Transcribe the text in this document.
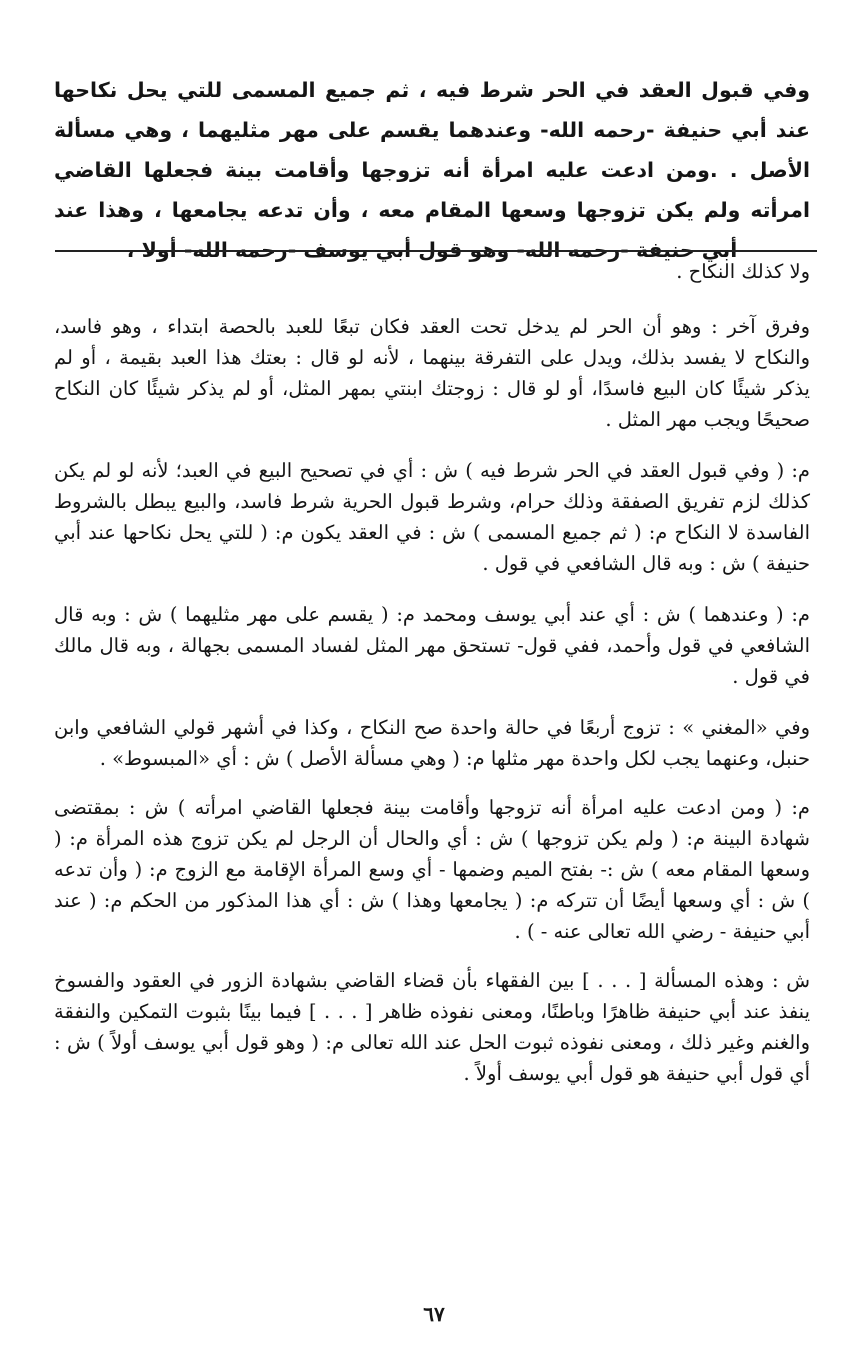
وفي قبول العقد في الحر شرط فيه ، ثم جميع المسمى للتي يحل نكاحها عند أبي حنيفة -رحمه الله- وعندهما يقسم على مهر مثليهما ، وهي مسألة الأصل . .ومن ادعت عليه امرأة أنه تزوجها وأقامت بينة فجعلها القاضي امرأته ولم يكن تزوجها وسعها المقام معه ، وأن تدعه يجامعها ، وهذا عند أبي حنيفة -رحمه الله- وهو قول أبي يوسف -رحمه الله- أولا ،

ولا كذلك النكاح .

وفرق آخر : وهو أن الحر لم يدخل تحت العقد فكان تبعًا للعبد بالحصة ابتداء ، وهو فاسد، والنكاح لا يفسد بذلك، ويدل على التفرقة بينهما ، لأنه لو قال : بعتك هذا العبد بقيمة ، أو لم يذكر شيئًا كان البيع فاسدًا، أو لو قال : زوجتك ابنتي بمهر المثل، أو لم يذكر شيئًا كان النكاح صحيحًا ويجب مهر المثل .

م: ( وفي قبول العقد في الحر شرط فيه ) ش : أي في تصحيح البيع في العبد؛ لأنه لو لم يكن كذلك لزم تفريق الصفقة وذلك حرام، وشرط قبول الحرية شرط فاسد، والبيع يبطل بالشروط الفاسدة لا النكاح م: ( ثم جميع المسمى ) ش : في العقد يكون م: ( للتي يحل نكاحها عند أبي حنيفة ) ش : وبه قال الشافعي في قول .

م: ( وعندهما ) ش : أي عند أبي يوسف ومحمد م: ( يقسم على مهر مثليهما ) ش : وبه قال الشافعي في قول وأحمد، ففي قول- تستحق مهر المثل لفساد المسمى بجهالة ، وبه قال مالك في قول .

وفي «المغني » : تزوج أربعًا في حالة واحدة صح النكاح ، وكذا في أشهر قولي الشافعي وابن حنبل، وعنهما يجب لكل واحدة مهر مثلها م: ( وهي مسألة الأصل ) ش : أي «المبسوط» .

م: ( ومن ادعت عليه امرأة أنه تزوجها وأقامت بينة فجعلها القاضي امرأته ) ش : بمقتضى شهادة البينة م: ( ولم يكن تزوجها ) ش : أي والحال أن الرجل لم يكن تزوج هذه المرأة م: ( وسعها المقام معه ) ش :- بفتح الميم وضمها - أي وسع المرأة الإقامة مع الزوج م: ( وأن تدعه ) ش : أي وسعها أيضًا أن تتركه م: ( يجامعها وهذا ) ش : أي هذا المذكور من الحكم م: ( عند أبي حنيفة - رضي الله تعالى عنه - ) .

ش : وهذه المسألة [ . . . ] بين الفقهاء بأن قضاء القاضي بشهادة الزور في العقود والفسوخ ينفذ عند أبي حنيفة ظاهرًا وباطنًا، ومعنى نفوذه ظاهر [ . . . ] فيما بينًا بثبوت التمكين والنفقة والغنم وغير ذلك ، ومعنى نفوذه ثبوت الحل عند الله تعالى م: ( وهو قول أبي يوسف أولاً ) ش : أي قول أبي حنيفة هو قول أبي يوسف أولاً .

٦٧
